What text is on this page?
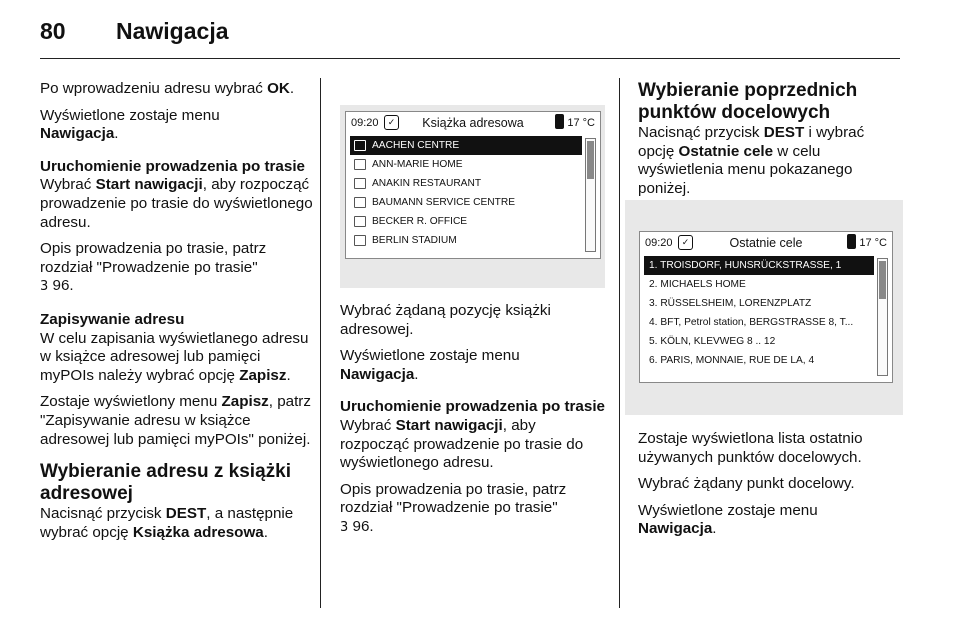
80 Nawigacja

Po wprowadzeniu adresu wybrać OK.

Wyświetlone zostaje menu
Nawigacja.

Uruchomienie prowadzenia po trasie

Wybrać Start nawigacji, aby rozpocząć prowadzenie po trasie do wyświetlonego adresu.

Opis prowadzenia po trasie, patrz rozdział "Prowadzenie po trasie"
3 96.

Zapisywanie adresu

W celu zapisania wyświetlanego adresu w książce adresowej lub pamięci myPOIs należy wybrać opcję Zapisz.

Zostaje wyświetlony menu Zapisz, patrz "Zapisywanie adresu w książce adresowej lub pamięci myPOIs" poniżej.

Wybieranie adresu z książki adresowej

Nacisnąć przycisk DEST, a następnie wybrać opcję Książka adresowa.

09:20	✓	Książka adresowa	17 °C
AACHEN CENTRE
ANN-MARIE HOME
ANAKIN RESTAURANT
BAUMANN SERVICE CENTRE
BECKER R. OFFICE
BERLIN STADIUM

Wybrać żądaną pozycję książki adresowej.

Wyświetlone zostaje menu
Nawigacja.

Uruchomienie prowadzenia po trasie

Wybrać Start nawigacji, aby rozpocząć prowadzenie po trasie do wyświetlonego adresu.

Opis prowadzenia po trasie, patrz rozdział "Prowadzenie po trasie"
3 96.

Wybieranie poprzednich punktów docelowych

Nacisnąć przycisk DEST i wybrać opcję Ostatnie cele w celu wyświetlenia menu pokazanego poniżej.

09:20	✓	Ostatnie cele	17 °C
1. TROISDORF, HUNSRÜCKSTRASSE, 1
2. MICHAELS HOME
3. RÜSSELSHEIM, LORENZPLATZ
4. BFT, Petrol station, BERGSTRASSE 8, T...
5. KÖLN, KLEVWEG 8 .. 12
6. PARIS, MONNAIE, RUE DE LA, 4

Zostaje wyświetlona lista ostatnio używanych punktów docelowych.

Wybrać żądany punkt docelowy.

Wyświetlone zostaje menu
Nawigacja.
